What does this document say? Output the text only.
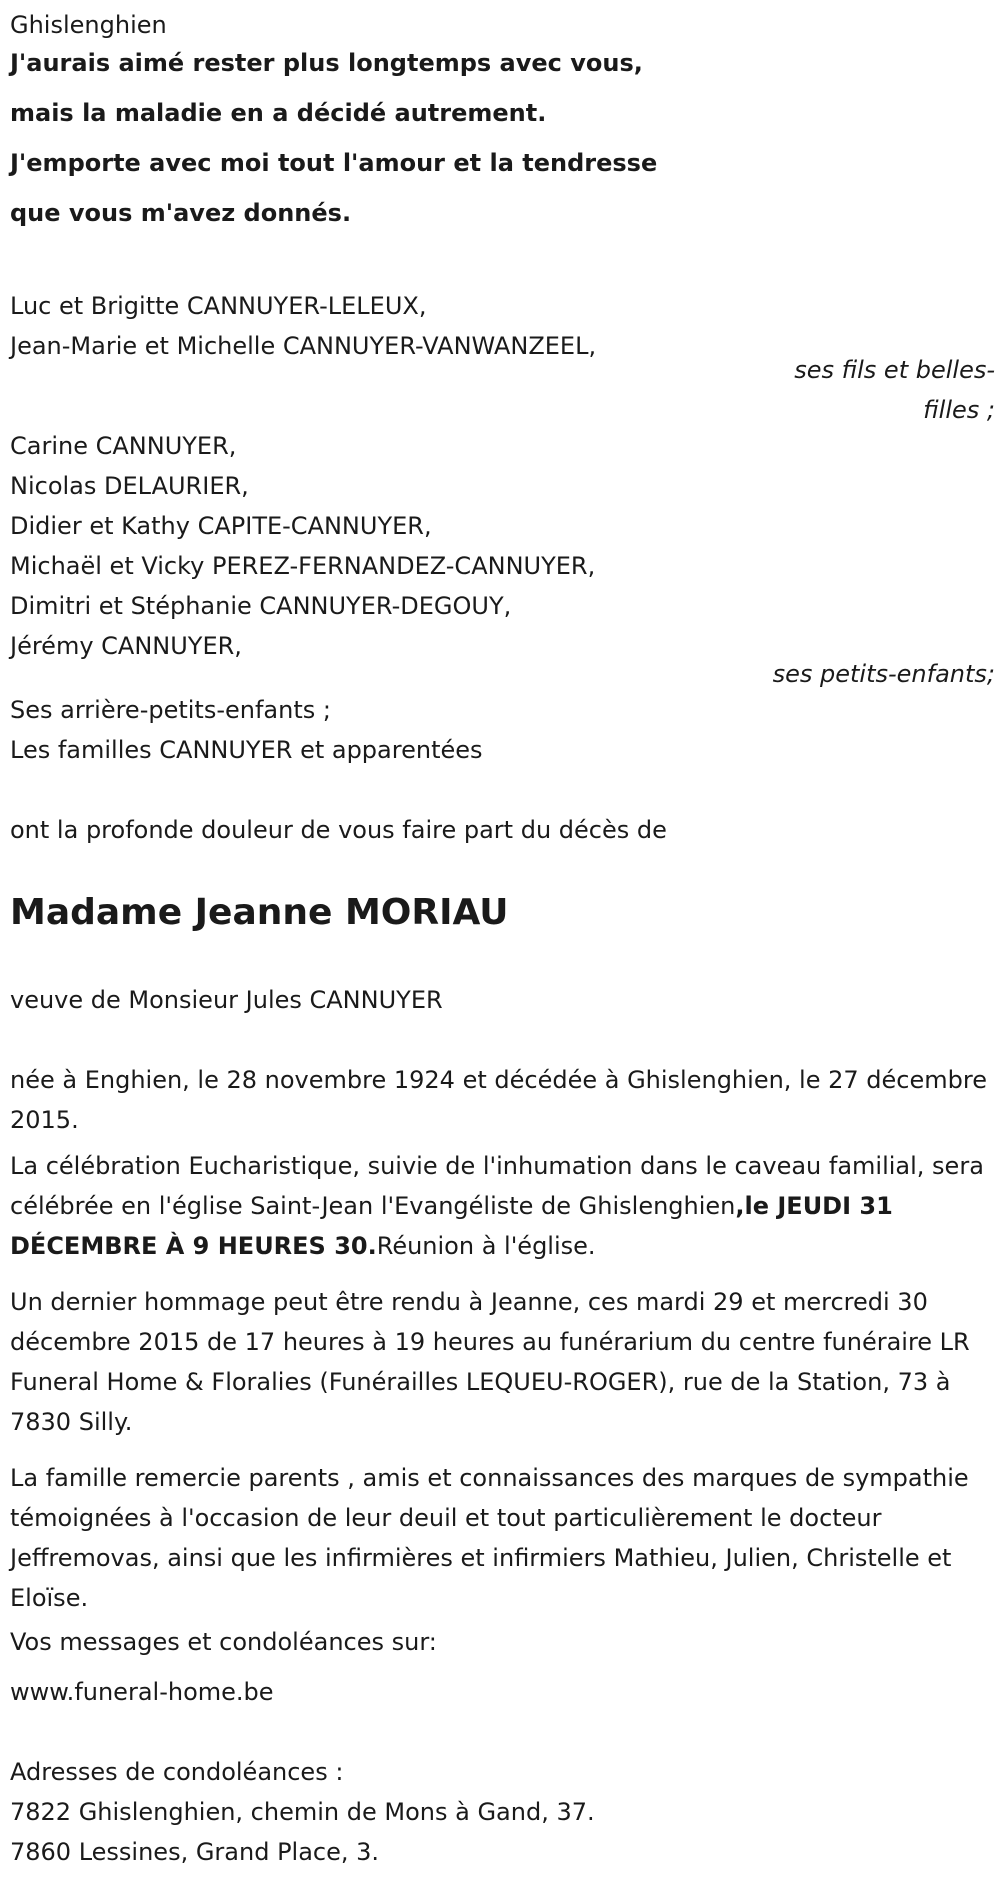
Ghislenghien
J'aurais aimé rester plus longtemps avec vous,
mais la maladie en a décidé autrement.
J'emporte avec moi tout l'amour et la tendresse
que vous m'avez donnés.
Luc et Brigitte CANNUYER-LELEUX,
Jean-Marie et Michelle CANNUYER-VANWANZEEL,
ses fils et belles-
filles ;
Carine CANNUYER,
Nicolas DELAURIER,
Didier et Kathy CAPITE-CANNUYER,
Michaël et Vicky PEREZ-FERNANDEZ-CANNUYER,
Dimitri et Stéphanie CANNUYER-DEGOUY,
Jérémy CANNUYER,
ses petits-enfants;
Ses arrière-petits-enfants ;
Les familles CANNUYER et apparentées
ont la profonde douleur de vous faire part du décès de
Madame Jeanne MORIAU
veuve de Monsieur Jules CANNUYER
née à Enghien, le 28 novembre 1924 et décédée à Ghislenghien, le 27 décembre 2015.
La célébration Eucharistique, suivie de l'inhumation dans le caveau familial, sera célébrée en l'église Saint-Jean l'Evangéliste de Ghislenghien,le JEUDI 31 DÉCEMBRE À 9 HEURES 30.Réunion à l'église.
Un dernier hommage peut être rendu à Jeanne, ces mardi 29 et mercredi 30 décembre 2015 de 17 heures à 19 heures au funérarium du centre funéraire LR Funeral Home & Floralies (Funérailles LEQUEU-ROGER), rue de la Station, 73 à 7830 Silly.
La famille remercie parents , amis et connaissances des marques de sympathie témoignées à l'occasion de leur deuil et tout particulièrement le docteur Jeffremovas, ainsi que les infirmières et infirmiers Mathieu, Julien, Christelle et Eloïse.
Vos messages et condoléances sur:
www.funeral-home.be
Adresses de condoléances :
7822 Ghislenghien, chemin de Mons à Gand, 37.
7860 Lessines, Grand Place, 3.
